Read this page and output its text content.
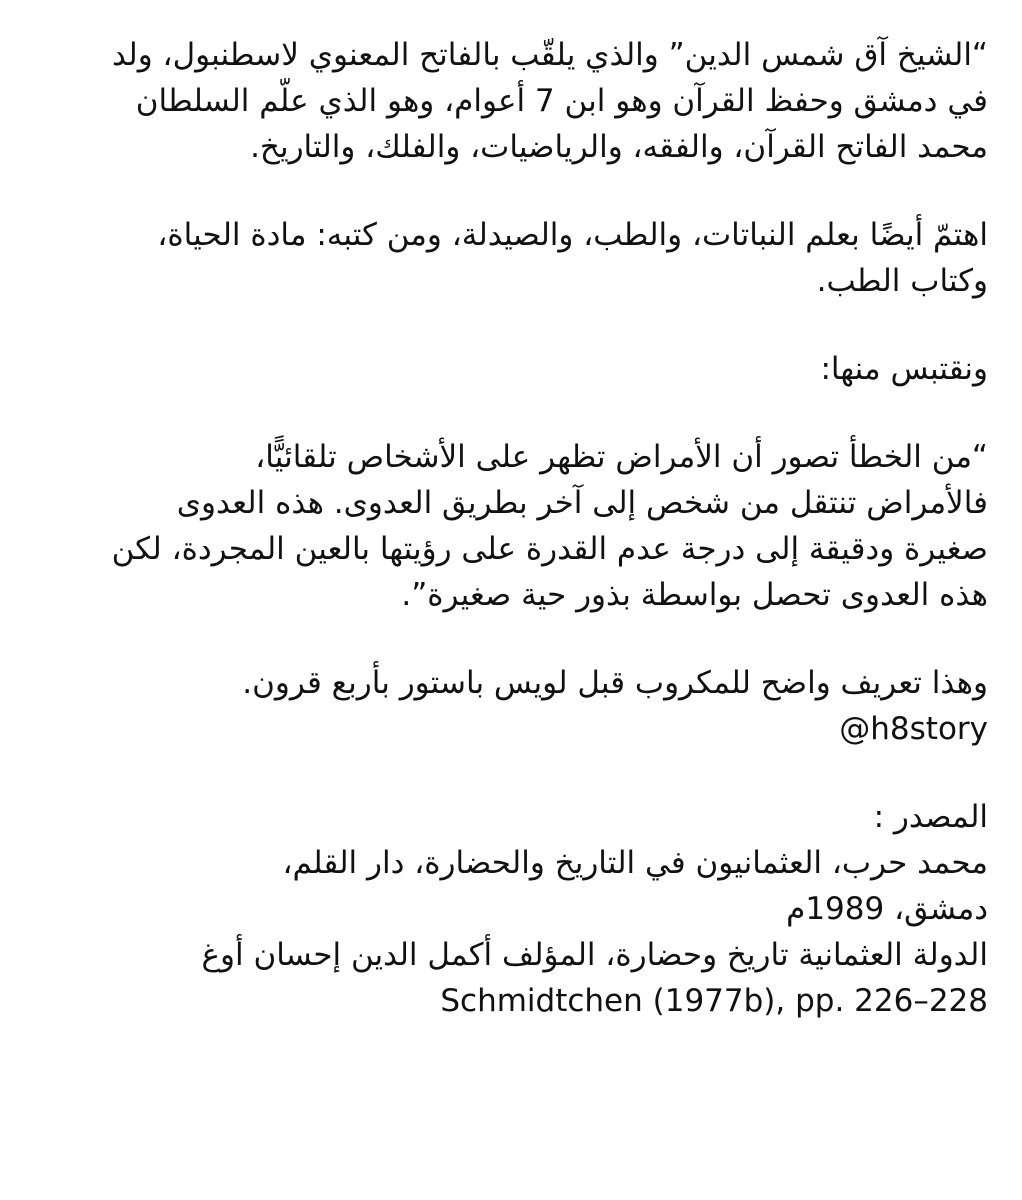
“الشيخ آق شمس الدين” والذي يلقّب بالفاتح المعنوي لاسطنبول، ولد
في دمشق وحفظ القرآن وهو ابن 7 أعوام، وهو الذي علّم السلطان
محمد الفاتح القرآن، والفقه، والرياضيات، والفلك، والتاريخ.
اهتمّ أيضًا بعلم النباتات، والطب، والصيدلة، ومن كتبه: مادة الحياة،
وكتاب الطب.
ونقتبس منها:
“من الخطأ تصور أن الأمراض تظهر على الأشخاص تلقائيًّا،
فالأمراض تنتقل من شخص إلى آخر بطريق العدوى. هذه العدوى
صغيرة ودقيقة إلى درجة عدم القدرة على رؤيتها بالعين المجردة، لكن
هذه العدوى تحصل بواسطة بذور حية صغيرة”.
وهذا تعريف واضح للمكروب قبل لويس باستور بأربع قرون.
h8story@
المصدر :
محمد حرب، العثمانيون في التاريخ والحضارة، دار القلم،
دمشق، 1989م
الدولة العثمانية تاريخ وحضارة، المؤلف أكمل الدين إحسان أوغ
Schmidtchen (1977b), pp. 226–228
